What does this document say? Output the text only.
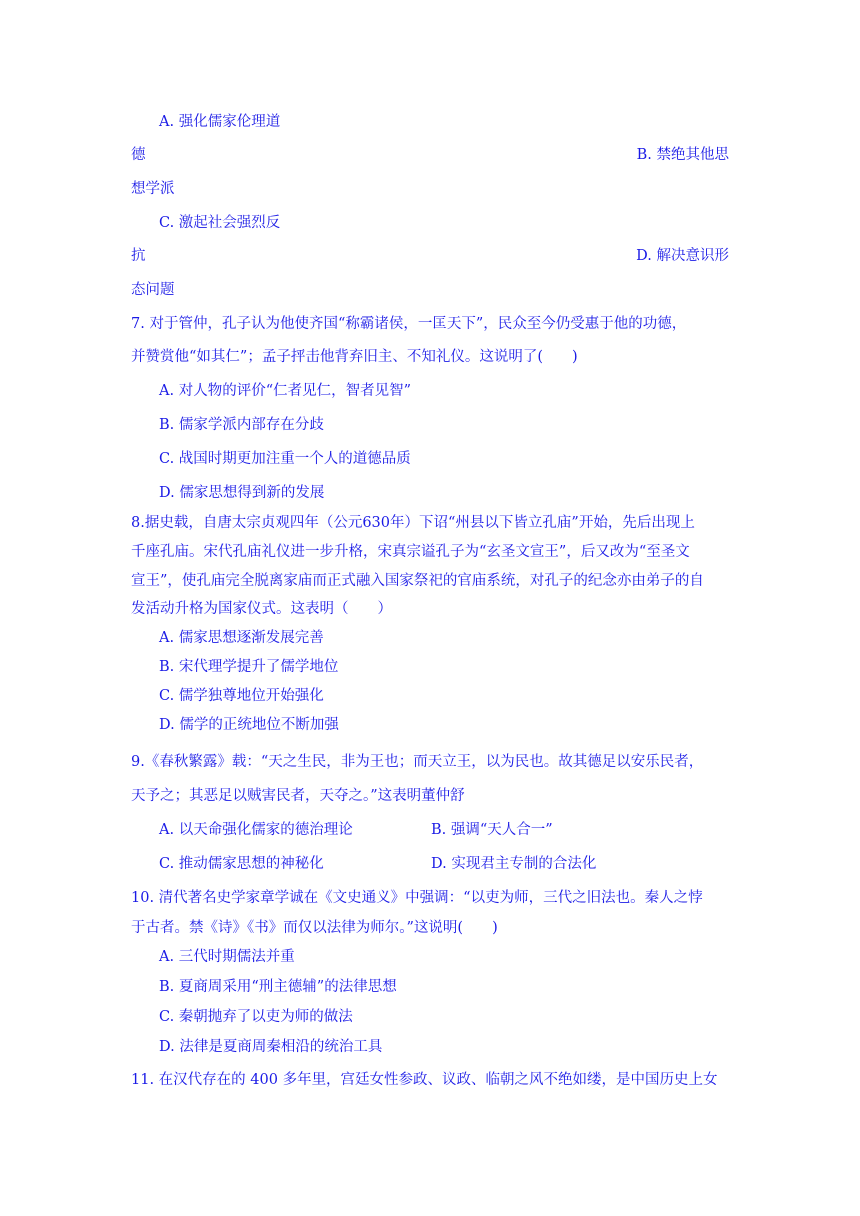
A. 强化儒家伦理道
德	B. 禁绝其他思
想学派
C. 激起社会强烈反
抗	D. 解决意识形
态问题
7. 对于管仲，孔子认为他使齐国“称霸诸侯，一匡天下”，民众至今仍受惠于他的功德，
并赞赏他“如其仁”；孟子抨击他背弃旧主、不知礼仪。这说明了(　　)
A. 对人物的评价“仁者见仁，智者见智”
B. 儒家学派内部存在分歧
C. 战国时期更加注重一个人的道德品质
D. 儒家思想得到新的发展
8.据史载，自唐太宗贞观四年（公元630年）下诏“州县以下皆立孔庙”开始，先后出现上
千座孔庙。宋代孔庙礼仪进一步升格，宋真宗谥孔子为“玄圣文宣王”，后又改为“至圣文
宣王”，使孔庙完全脱离家庙而正式融入国家祭祀的官庙系统，对孔子的纪念亦由弟子的自
发活动升格为国家仪式。这表明（　　）
A. 儒家思想逐渐发展完善
B. 宋代理学提升了儒学地位
C. 儒学独尊地位开始强化
D. 儒学的正统地位不断加强
9.《春秋繁露》载：“天之生民，非为王也；而天立王，以为民也。故其德足以安乐民者，
天予之；其恶足以贼害民者，天夺之。”这表明董仲舒
A. 以天命强化儒家的德治理论	B. 强调“天人合一”
C. 推动儒家思想的神秘化	D. 实现君主专制的合法化
10. 清代著名史学家章学诚在《文史通义》中强调：“以吏为师，三代之旧法也。秦人之悖
于古者。禁《诗》《书》而仅以法律为师尔。”这说明(　　)
A. 三代时期儒法并重
B. 夏商周采用“刑主德辅”的法律思想
C. 秦朝抛弃了以吏为师的做法
D. 法律是夏商周秦相沿的统治工具
11. 在汉代存在的 400 多年里，宫廷女性参政、议政、临朝之风不绝如缕，是中国历史上女
